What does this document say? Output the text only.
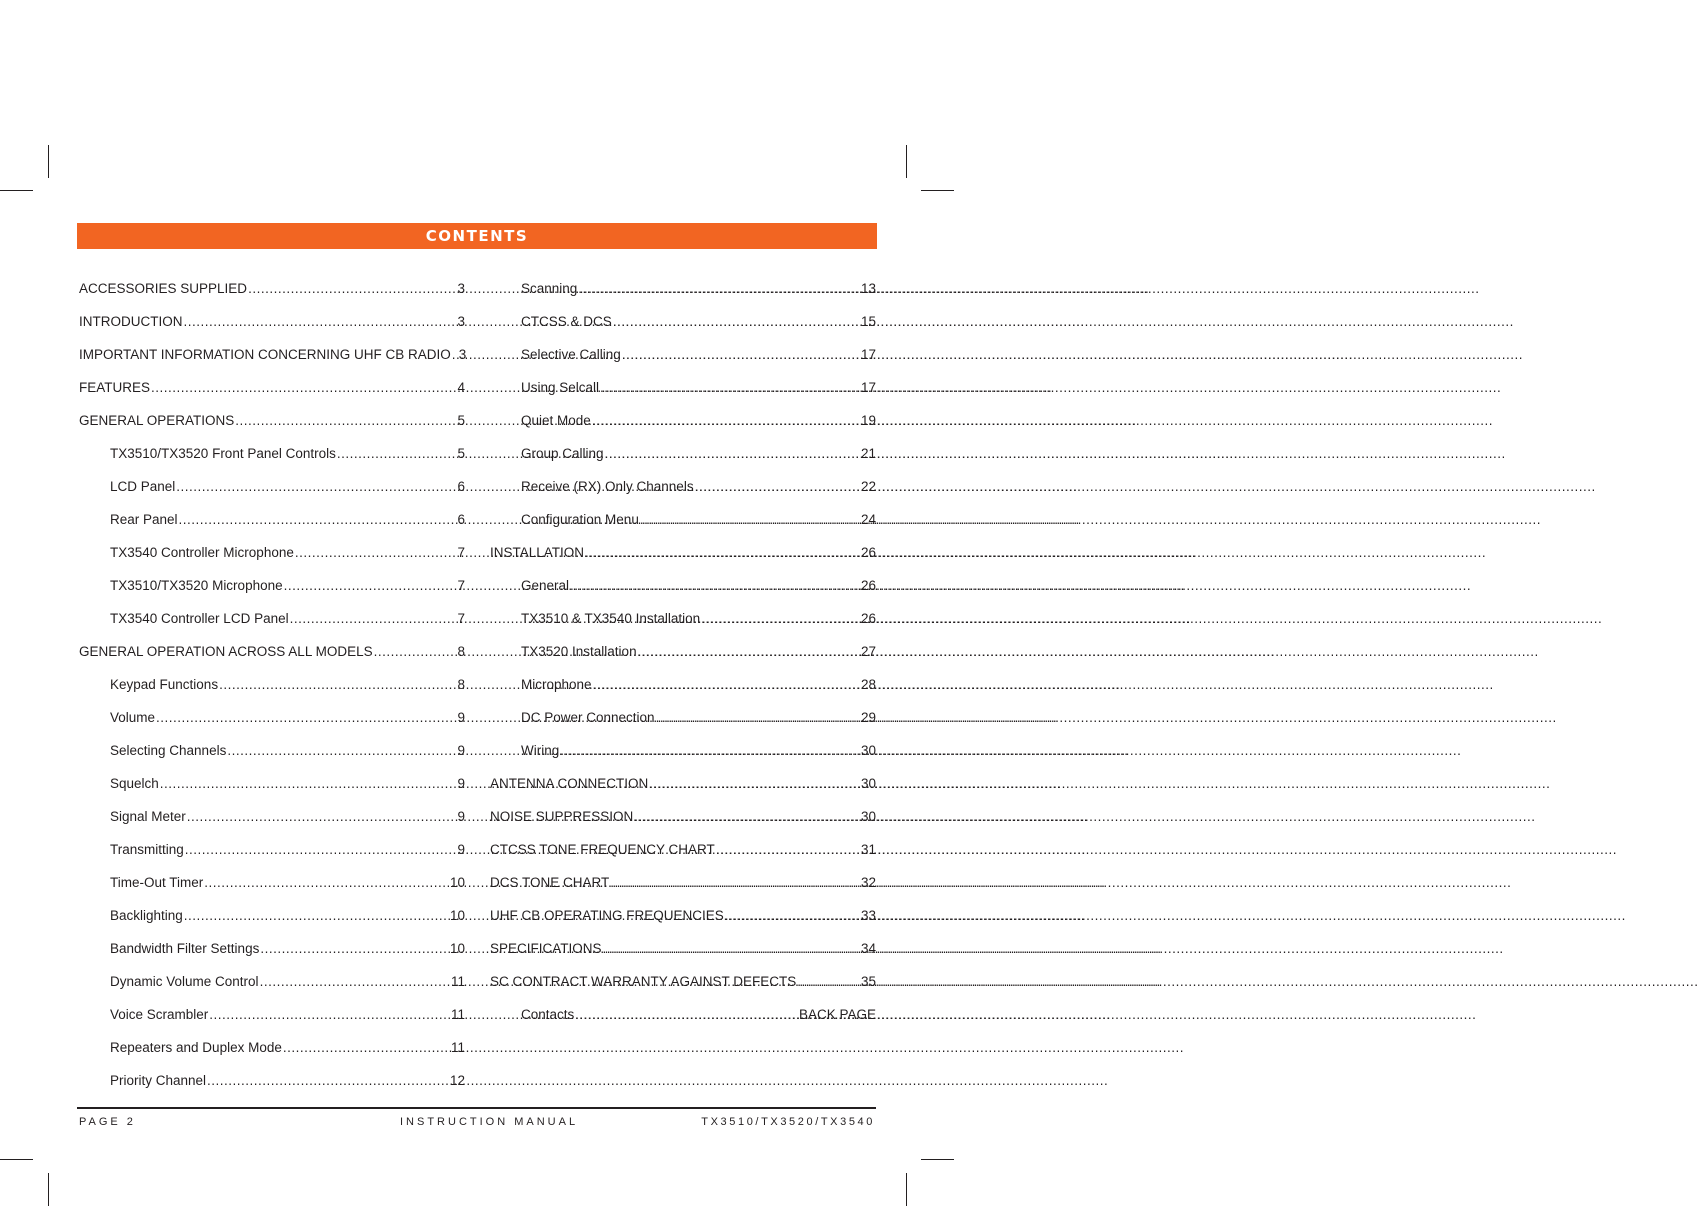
CONTENTS
ACCESSORIES SUPPLIED .....	3
INTRODUCTION .....	3
IMPORTANT INFORMATION CONCERNING UHF CB RADIO ..... 3
FEATURES .....	4
GENERAL OPERATIONS .....	5
TX3510/TX3520 Front Panel Controls .....	5
LCD Panel .....	6
Rear Panel .....	6
TX3540 Controller Microphone .....	7
TX3510/TX3520 Microphone .....	7
TX3540 Controller LCD Panel .....	7
GENERAL OPERATION ACROSS ALL MODELS .....	8
Keypad Functions .....	8
Volume .....	9
Selecting Channels .....	9
Squelch .....	9
Signal Meter .....	9
Transmitting .....	9
Time-Out Timer .....	10
Backlighting .....	10
Bandwidth Filter Settings .....	10
Dynamic Volume Control .....	11
Voice Scrambler .....	11
Repeaters and Duplex Mode .....	11
Priority Channel .....	12
Scanning .....	13
CTCSS & DCS .....	15
Selective Calling .....	17
Using Selcall .....	17
Quiet Mode .....	19
Group Calling .....	21
Receive (RX) Only Channels .....	22
Configuration Menu .....	24
INSTALLATION .....	26
General .....	26
TX3510 & TX3540 Installation .....	26
TX3520 Installation .....	27
Microphone .....	28
DC Power Connection .....	29
Wiring .....	30
ANTENNA CONNECTION .....	30
NOISE SUPPRESSION .....	30
CTCSS TONE FREQUENCY CHART .....	31
DCS TONE CHART .....	32
UHF CB OPERATING FREQUENCIES .....	33
SPECIFICATIONS .....	34
SC CONTRACT WARRANTY AGAINST DEFECTS .....	35
Contacts .....	BACK PAGE
PAGE 2	INSTRUCTION MANUAL	TX3510/TX3520/TX3540
